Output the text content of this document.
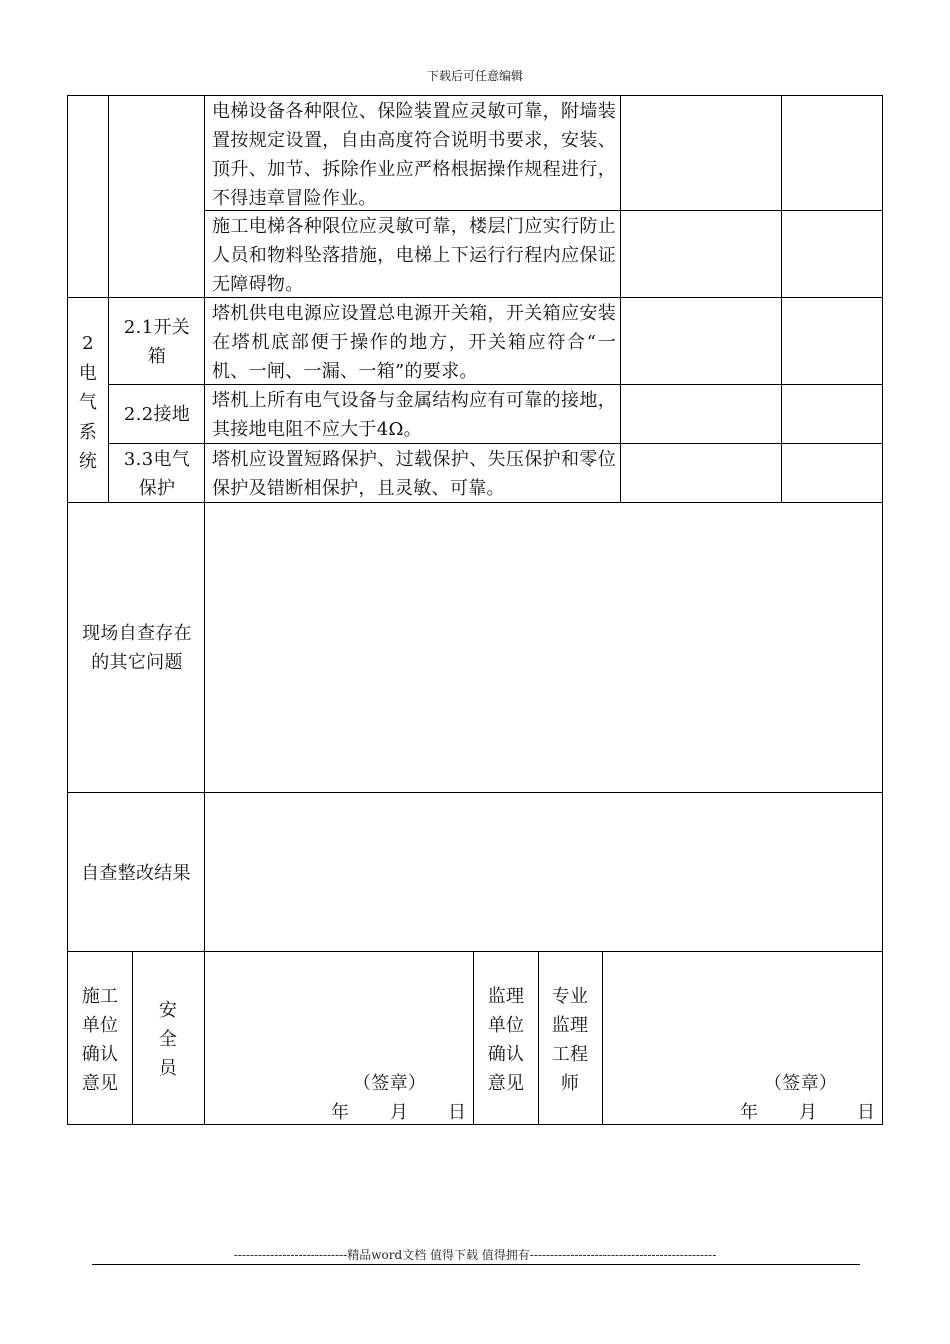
下载后可任意编辑
电梯设备各种限位、保险装置应灵敏可靠，附墙装置按规定设置，自由高度符合说明书要求，安装、顶升、加节、拆除作业应严格根据操作规程进行，不得违章冒险作业。
施工电梯各种限位应灵敏可靠，楼层门应实行防止人员和物料坠落措施，电梯上下运行行程内应保证无障碍物。
2电气系统
2.1开关箱
塔机供电电源应设置总电源开关箱，开关箱应安装在塔机底部便于操作的地方，开关箱应符合“一机、一闸、一漏、一箱”的要求。
2.2接地
塔机上所有电气设备与金属结构应有可靠的接地，其接地电阻不应大于4Ω。
3.3电气保护
塔机应设置短路保护、过载保护、失压保护和零位保护及错断相保护，且灵敏、可靠。
现场自查存在的其它问题
自查整改结果
施工单位确认意见
安全员
（签章）
年 月 日
监理单位确认意见
专业监理工程师	（签章）
年 月 日
----------------------------精品word文档 值得下载 值得拥有----------------------------------------------
